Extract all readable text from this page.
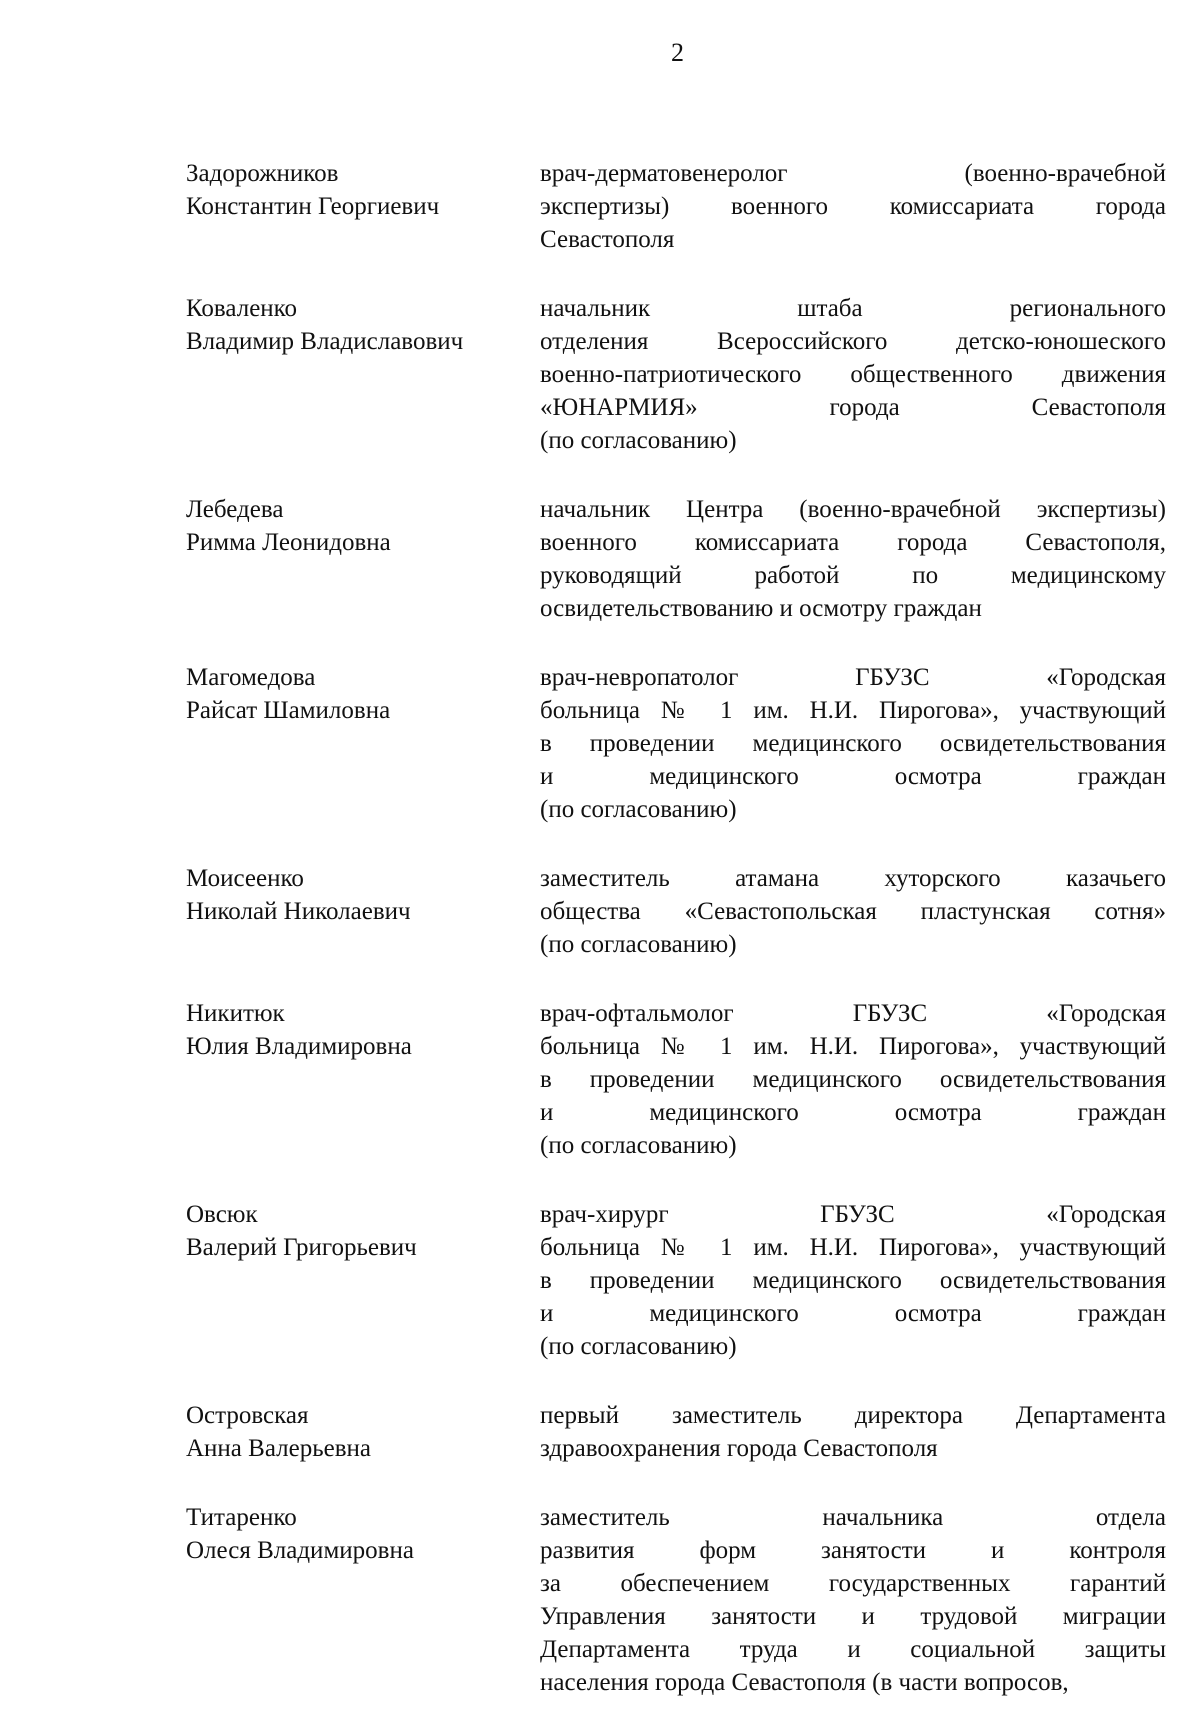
2
Задорожников
Константин Георгиевич
врач-дерматовенеролог (военно-врачебной
экспертизы) военного комиссариата города
Севастополя
Коваленко
Владимир Владиславович
начальник штаба регионального
отделения Всероссийского детско-юношеского
военно-патриотического общественного движения
«ЮНАРМИЯ» города Севастополя
(по согласованию)
Лебедева
Римма Леонидовна
начальник Центра (военно-врачебной экспертизы)
военного комиссариата города Севастополя,
руководящий работой по медицинскому
освидетельствованию и осмотру граждан
Магомедова
Райсат Шамиловна
врач-невропатолог ГБУЗС «Городская
больница № 1 им. Н.И. Пирогова», участвующий
в проведении медицинского освидетельствования
и медицинского осмотра граждан
(по согласованию)
Моисеенко
Николай Николаевич
заместитель атамана хуторского казачьего
общества «Севастопольская пластунская сотня»
(по согласованию)
Никитюк
Юлия Владимировна
врач-офтальмолог ГБУЗС «Городская
больница № 1 им. Н.И. Пирогова», участвующий
в проведении медицинского освидетельствования
и медицинского осмотра граждан
(по согласованию)
Овсюк
Валерий Григорьевич
врач-хирург ГБУЗС «Городская
больница № 1 им. Н.И. Пирогова», участвующий
в проведении медицинского освидетельствования
и медицинского осмотра граждан
(по согласованию)
Островская
Анна Валерьевна
первый заместитель директора Департамента
здравоохранения города Севастополя
Титаренко
Олеся Владимировна
заместитель начальника отдела
развития форм занятости и контроля
за обеспечением государственных гарантий
Управления занятости и трудовой миграции
Департамента труда и социальной защиты
населения города Севастополя (в части вопросов,
